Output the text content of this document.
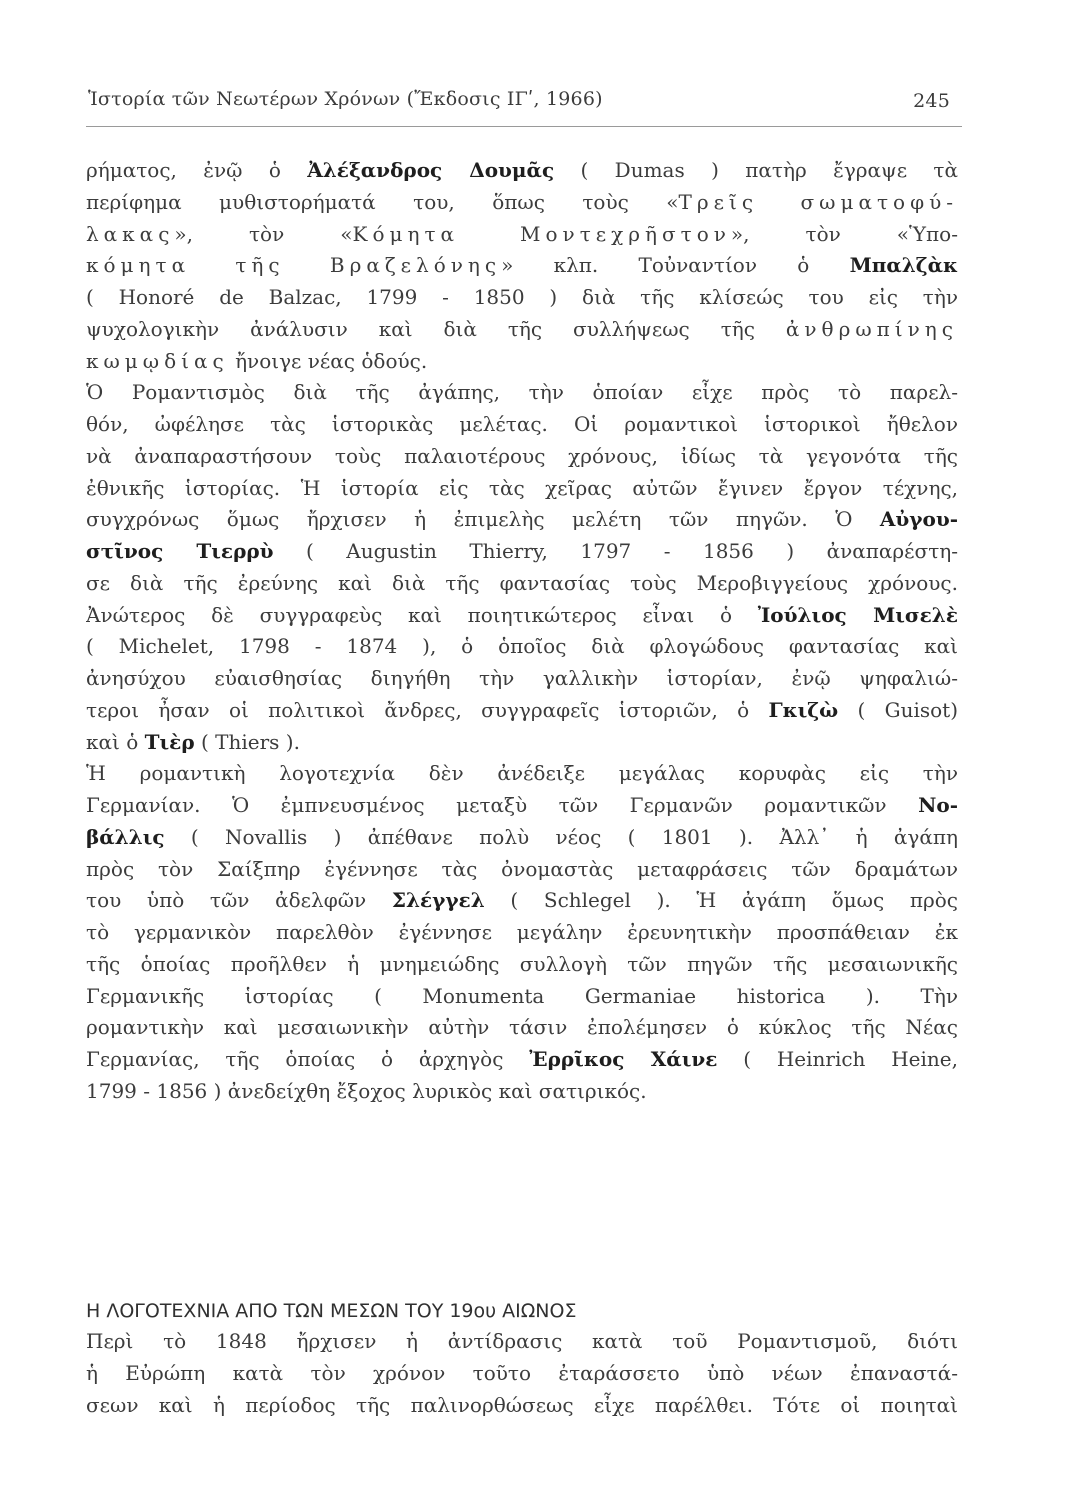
Ἱστορία τῶν Νεωτέρων Χρόνων (Ἔκδοσις ΙΓʹ, 1966)	245
ρήματος, ἐνῷ ὁ Ἀλέξανδρος Δουμᾶς ( Dumas ) πατὴρ ἔγραψε τὰ
περίφημα μυθιστορήματά του, ὅπως τοὺς «Τρεῖς σωματοφύ-
λακας», τὸν «Κόμητα Μοντεχρῆστον», τὸν «Ὑπο-
κόμητα τῆς Βραζελόνης» κλπ. Τοὐναντίον ὁ Μπαλζὰκ
( Honoré de Balzac, 1799 - 1850 ) διὰ τῆς κλίσεώς του εἰς τὴν
ψυχολογικὴν ἀνάλυσιν καὶ διὰ τῆς συλλήψεως τῆς ἀνθρωπίνης
κωμῳδίας ἤνοιγε νέας ὁδούς.
Ὁ Ρομαντισμὸς διὰ τῆς ἀγάπης, τὴν ὁποίαν εἶχε πρὸς τὸ παρελ-
θόν, ὠφέλησε τὰς ἱστορικὰς μελέτας. Οἱ ρομαντικοὶ ἱστορικοὶ ἤθελον
νὰ ἀναπαραστήσουν τοὺς παλαιοτέρους χρόνους, ἰδίως τὰ γεγονότα τῆς
ἐθνικῆς ἱστορίας. Ἡ ἱστορία εἰς τὰς χεῖρας αὐτῶν ἔγινεν ἔργον τέχνης,
συγχρόνως ὅμως ἤρχισεν ἡ ἐπιμελὴς μελέτη τῶν πηγῶν. Ὁ Αὐγου-
στῖνος Τιερρὺ ( Augustin Thierry, 1797 - 1856 ) ἀναπαρέστη-
σε διὰ τῆς ἐρεύνης καὶ διὰ τῆς φαντασίας τοὺς Μεροβιγγείους χρόνους.
Ἀνώτερος δὲ συγγραφεὺς καὶ ποιητικώτερος εἶναι ὁ Ἰούλιος Μισελὲ
( Michelet, 1798 - 1874 ), ὁ ὁποῖος διὰ φλογώδους φαντασίας καὶ
ἀνησύχου εὐαισθησίας διηγήθη τὴν γαλλικὴν ἱστορίαν, ἐνῷ ψηφαλιώ-
τεροι ἦσαν οἱ πολιτικοὶ ἄνδρες, συγγραφεῖς ἱστοριῶν, ὁ Γκιζὼ ( Guisot)
καὶ ὁ Τιὲρ ( Thiers ).
Ἡ ρομαντικὴ λογοτεχνία δὲν ἀνέδειξε μεγάλας κορυφὰς εἰς τὴν
Γερμανίαν. Ὁ ἐμπνευσμένος μεταξὺ τῶν Γερμανῶν ρομαντικῶν Νο-
βάλλις ( Novallis ) ἀπέθανε πολὺ νέος ( 1801 ). Ἀλλ᾽ ἡ ἀγάπη
πρὸς τὸν Σαίξπηρ ἐγέννησε τὰς ὀνομαστὰς μεταφράσεις τῶν δραμάτων
του ὑπὸ τῶν ἀδελφῶν Σλέγγελ ( Schlegel ). Ἡ ἀγάπη ὅμως πρὸς
τὸ γερμανικὸν παρελθὸν ἐγέννησε μεγάλην ἐρευνητικὴν προσπάθειαν ἐκ
τῆς ὁποίας προῆλθεν ἡ μνημειώδης συλλογὴ τῶν πηγῶν τῆς μεσαιωνικῆς
Γερμανικῆς ἱστορίας ( Monumenta Germaniae historica ). Τὴν
ρομαντικὴν καὶ μεσαιωνικὴν αὐτὴν τάσιν ἐπολέμησεν ὁ κύκλος τῆς Νέας
Γερμανίας, τῆς ὁποίας ὁ ἀρχηγὸς Ἐρρῖκος Χάινε ( Heinrich Heine,
1799 - 1856 ) ἀνεδείχθη ἔξοχος λυρικὸς καὶ σατιρικός.
Η ΛΟΓΟΤΕΧΝΙΑ ΑΠΟ ΤΩΝ ΜΕΣΩΝ ΤΟΥ 19ου ΑΙΩΝΟΣ
Περὶ τὸ 1848 ἤρχισεν ἡ ἀντίδρασις κατὰ τοῦ Ρομαντισμοῦ, διότι
ἡ Εὐρώπη κατὰ τὸν χρόνον τοῦτο ἐταράσσετο ὑπὸ νέων ἐπαναστά-
σεων καὶ ἡ περίοδος τῆς παλινορθώσεως εἶχε παρέλθει. Τότε οἱ ποιηταὶ
